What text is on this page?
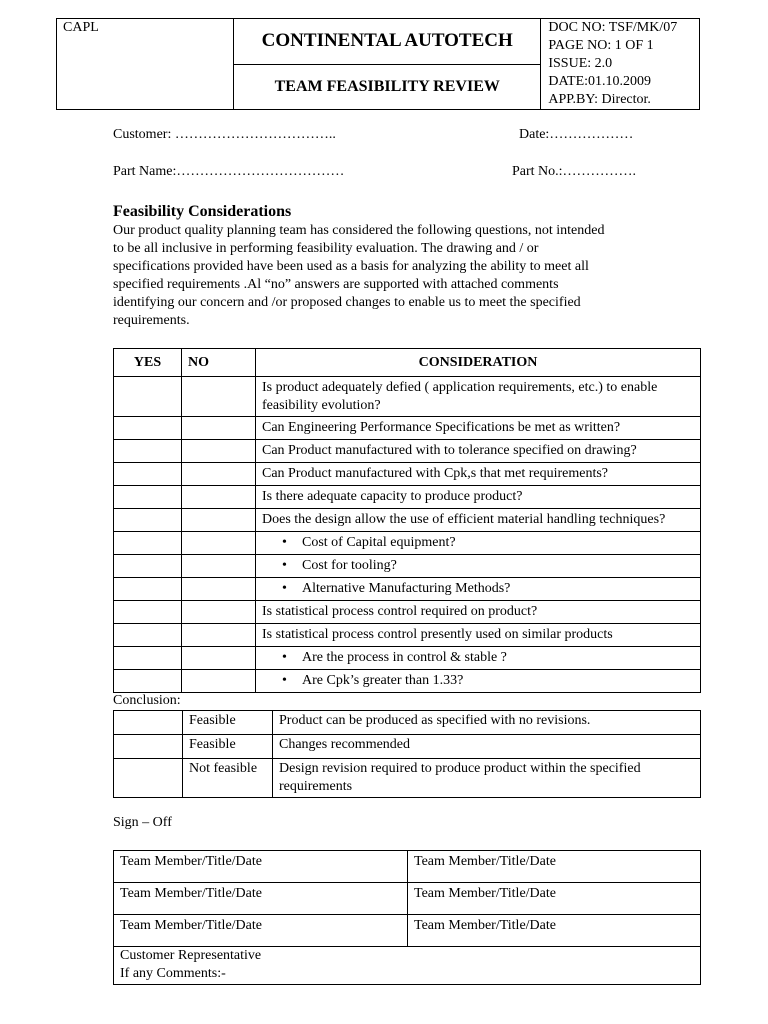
CAPL	CONTINENTAL AUTOTECH	
DOC NO: TSF/MK/07
PAGE NO: 1 OF 1
ISSUE: 2.0
DATE:01.10.2009
APP.BY: Director.

TEAM FEASIBILITY REVIEW
Customer: ……………………………..	Date:………………
Part Name:………………………………	Part No.:…………….
Feasibility Considerations
Our product quality planning team has considered the following questions, not intended
to be all inclusive in performing feasibility evaluation. The drawing and / or
specifications provided have been used as a basis for analyzing the ability to meet all
specified requirements .Al “no” answers are supported with attached comments
identifying our concern and /or proposed changes to enable us to meet the specified
requirements.
YES	NO	CONSIDERATION
		Is product adequately defied ( application requirements, etc.) to enable feasibility evolution?
		Can Engineering Performance Specifications be met as written?
		Can Product manufactured with to tolerance specified on drawing?
		Can Product manufactured with Cpk,s that met requirements?
		Is there adequate capacity to produce product?
		Does the design allow the use of efficient material handling techniques?
		• Cost of Capital equipment?
		• Cost for tooling?
		• Alternative Manufacturing Methods?
		Is statistical process control required on product?
		Is statistical process control presently used on similar products
		• Are the process in control & stable ?
		• Are Cpk’s greater than 1.33?
Conclusion:
	Feasible	Product can be produced as specified with no revisions.
	Feasible	Changes recommended
	Not feasible	Design revision required to produce product within the specified requirements
Sign – Off
Team Member/Title/Date	Team Member/Title/Date
Team Member/Title/Date	Team Member/Title/Date
Team Member/Title/Date	Team Member/Title/Date

Customer Representative
If any Comments:-	
